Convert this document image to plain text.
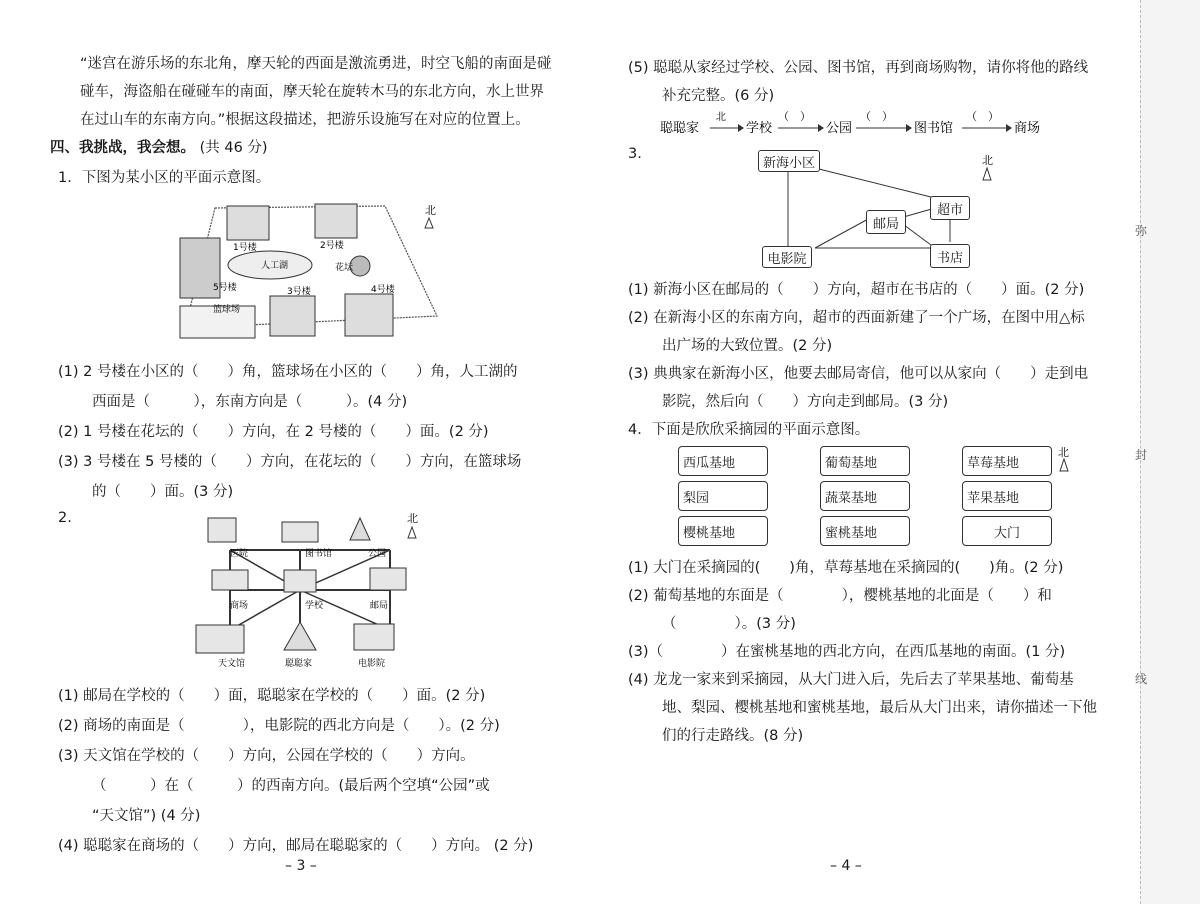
“迷宫在游乐场的东北角，摩天轮的西面是激流勇进，时空飞船的南面是碰
碰车，海盗船在碰碰车的南面，摩天轮在旋转木马的东北方向，水上世界
在过山车的东南方向。”根据这段描述，把游乐设施写在对应的位置上。
四、我挑战，我会想。 (共 46 分)
1．下图为某小区的平面示意图。
北
1号楼	2号楼
人工湖	花坛
5号楼	3号楼	4号楼
篮球场
(1) 2 号楼在小区的（　　）角，篮球场在小区的（　　）角，人工湖的
西面是（　　　），东南方向是（　　　）。(4 分)
(2) 1 号楼在花坛的（　　）方向，在 2 号楼的（　　）面。(2 分)
(3) 3 号楼在 5 号楼的（　　）方向，在花坛的（　　）方向，在篮球场
的（　　）面。(3 分)
2.	北
医院	图书馆	公园
商场	学校	邮局
天文馆	聪聪家	电影院
(1) 邮局在学校的（　　）面，聪聪家在学校的（　　）面。(2 分)
(2) 商场的南面是（　　　　），电影院的西北方向是（　　）。(2 分)
(3) 天文馆在学校的（　　）方向，公园在学校的（　　）方向。
（　　　）在（　　　）的西南方向。(最后两个空填“公园”或
“天文馆”) (4 分)
(4) 聪聪家在商场的（　　）方向，邮局在聪聪家的（　　）方向。 (2 分)
– 3 –
(5) 聪聪从家经过学校、公园、图书馆，再到商场购物，请你将他的路线
补充完整。(6 分)
聪聪家
北
学校
（　）
公园
（　）
图书馆
（　）
商场
3.	北
新海小区
超市
邮局
电影院	书店
(1) 新海小区在邮局的（　　）方向，超市在书店的（　　）面。(2 分)
(2) 在新海小区的东南方向，超市的西面新建了一个广场，在图中用△标
出广场的大致位置。(2 分)
(3) 典典家在新海小区，他要去邮局寄信，他可以从家向（　　）走到电
影院，然后向（　　）方向走到邮局。(3 分)
4．下面是欣欣采摘园的平面示意图。
西瓜基地	葡萄基地	草莓基地
梨园	蔬菜基地	苹果基地
樱桃基地	蜜桃基地	大门
北
(1) 大门在采摘园的(　　)角，草莓基地在采摘园的(　　)角。(2 分)
(2) 葡萄基地的东面是（　　　　），樱桃基地的北面是（　　）和
（　　　　）。(3 分)
(3)（　　　　）在蜜桃基地的西北方向，在西瓜基地的南面。(1 分)
(4) 龙龙一家来到采摘园，从大门进入后，先后去了苹果基地、葡萄基
地、梨园、樱桃基地和蜜桃基地，最后从大门出来，请你描述一下他
们的行走路线。(8 分)
– 4 –
弥
封
线
